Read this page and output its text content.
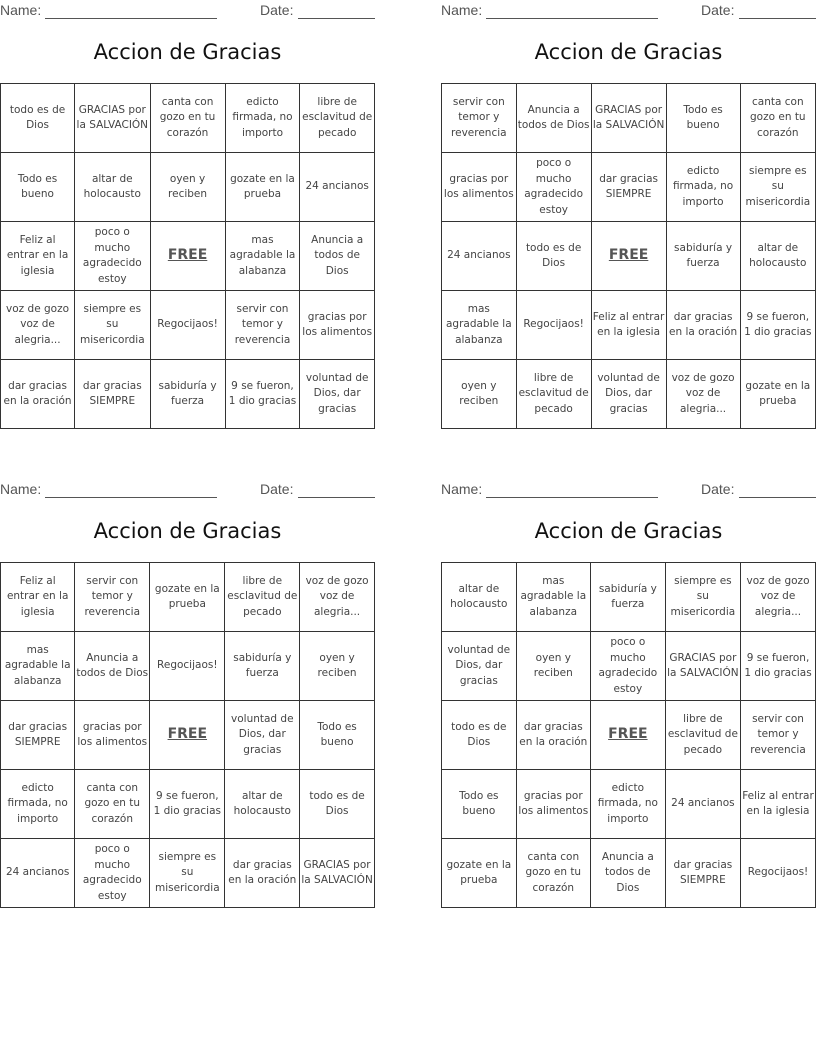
Name:	Date:
Accion de Gracias
todo es de Dios	GRACIAS por la SALVACIÓN	canta con gozo en tu corazón	edicto firmada, no importo	libre de esclavitud de pecado
Todo es bueno	altar de holocausto	oyen y reciben	gozate en la prueba	24 ancianos
Feliz al entrar en la iglesia	poco o mucho agradecido estoy	FREE	mas agradable la alabanza	Anuncia a todos de Dios
voz de gozo voz de alegria...	siempre es su misericordia	Regocijaos!	servir con temor y reverencia	gracias por los alimentos
dar gracias en la oración	dar gracias SIEMPRE	sabiduría y fuerza	9 se fueron, 1 dio gracias	voluntad de Dios, dar gracias
Name:	Date:
Accion de Gracias
servir con temor y reverencia	Anuncia a todos de Dios	GRACIAS por la SALVACIÓN	Todo es bueno	canta con gozo en tu corazón
gracias por los alimentos	poco o mucho agradecido estoy	dar gracias SIEMPRE	edicto firmada, no importo	siempre es su misericordia
24 ancianos	todo es de Dios	FREE	sabiduría y fuerza	altar de holocausto
mas agradable la alabanza	Regocijaos!	Feliz al entrar en la iglesia	dar gracias en la oración	9 se fueron, 1 dio gracias
oyen y reciben	libre de esclavitud de pecado	voluntad de Dios, dar gracias	voz de gozo voz de alegria...	gozate en la prueba
Name:	Date:
Accion de Gracias
Feliz al entrar en la iglesia	servir con temor y reverencia	gozate en la prueba	libre de esclavitud de pecado	voz de gozo voz de alegria...
mas agradable la alabanza	Anuncia a todos de Dios	Regocijaos!	sabiduría y fuerza	oyen y reciben
dar gracias SIEMPRE	gracias por los alimentos	FREE	voluntad de Dios, dar gracias	Todo es bueno
edicto firmada, no importo	canta con gozo en tu corazón	9 se fueron, 1 dio gracias	altar de holocausto	todo es de Dios
24 ancianos	poco o mucho agradecido estoy	siempre es su misericordia	dar gracias en la oración	GRACIAS por la SALVACIÓN
Name:	Date:
Accion de Gracias
altar de holocausto	mas agradable la alabanza	sabiduría y fuerza	siempre es su misericordia	voz de gozo voz de alegria...
voluntad de Dios, dar gracias	oyen y reciben	poco o mucho agradecido estoy	GRACIAS por la SALVACIÓN	9 se fueron, 1 dio gracias
todo es de Dios	dar gracias en la oración	FREE	libre de esclavitud de pecado	servir con temor y reverencia
Todo es bueno	gracias por los alimentos	edicto firmada, no importo	24 ancianos	Feliz al entrar en la iglesia
gozate en la prueba	canta con gozo en tu corazón	Anuncia a todos de Dios	dar gracias SIEMPRE	Regocijaos!
